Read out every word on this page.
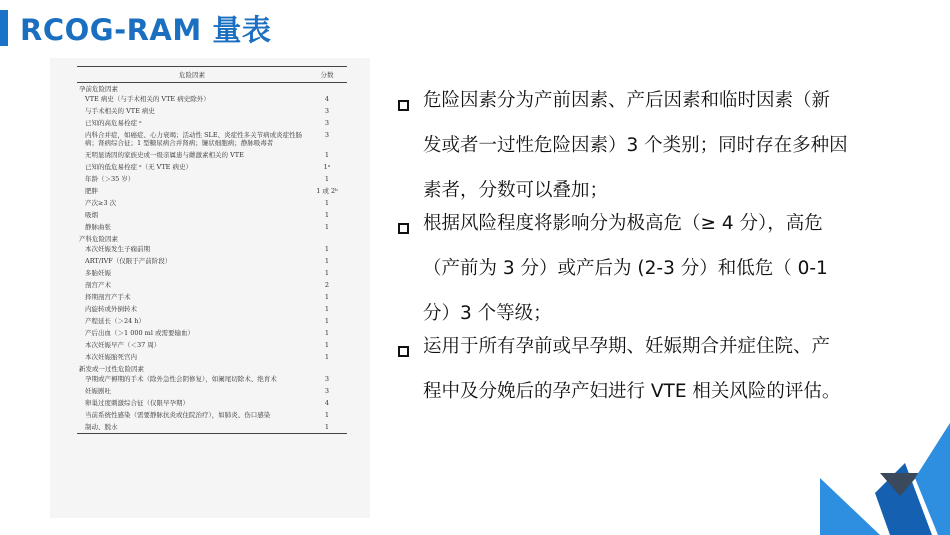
RCOG-RAM 量表
危险因素	分数
孕前危险因素	
VTE 病史（与手术相关的 VTE 病史除外）	4
与手术相关的 VTE 病史	3
已知的高危易栓症 ᵃ	3
内科合并症，如癌症、心力衰竭；活动性 SLE、炎症性多关节病或炎症性肠病；肾病综合征；1 型糖尿病合并肾病；镰状细胞病；静脉吸毒者	3
无明显诱因的家族史或一级亲属患与雌激素相关的 VTE	1
已知的低危易栓症 ᵃ（无 VTE 病史）	1ᵃ
年龄（＞35 岁）	1
肥胖	1 或 2ᵇ
产次≥3 次	1
吸烟	1
静脉曲张	1
产科危险因素	
本次妊娠发生子痫前期	1
ART/IVF（仅限于产前阶段）	1
多胎妊娠	1
剖宫产术	2
择期剖宫产手术	1
内旋转或外倒转术	1
产程延长（＞24 h）	1
产后出血（＞1 000 ml 或需要输血）	1
本次妊娠早产（＜37 周）	1
本次妊娠胎死宫内	1
新发或一过性危险因素	
孕期或产褥期的手术（除外急性会阴修复），如阑尾切除术、绝育术	3
妊娠剧吐	3
卵巢过度刺激综合征（仅限早孕期）	4
当前系统性感染（需要静脉抗炎或住院治疗），如肺炎、伤口感染	1
制动、脱水	1
危险因素分为产前因素、产后因素和临时因素（新发或者一过性危险因素）3 个类别；同时存在多种因素者，分数可以叠加；
根据风险程度将影响分为极高危（≥ 4 分），高危（产前为 3 分）或产后为 (2-3 分）和低危（ 0-1 分）3 个等级；
运用于所有孕前或早孕期、妊娠期合并症住院、产程中及分娩后的孕产妇进行 VTE 相关风险的评估。
